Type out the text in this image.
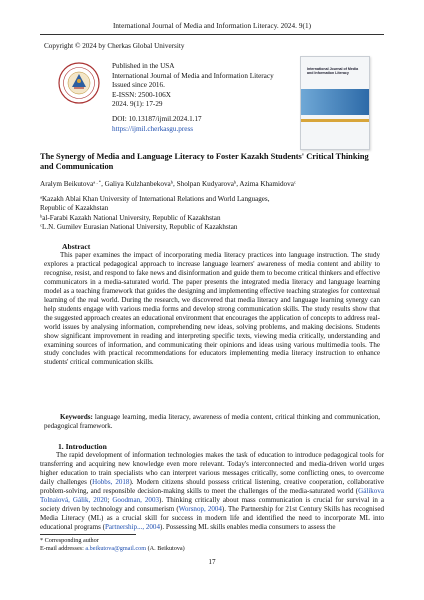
International Journal of Media and Information Literacy. 2024. 9(1)
Copyright © 2024 by Cherkas Global University
Published in the USA
International Journal of Media and Information Literacy
Issued since 2016.
E-ISSN: 2500-106X
2024. 9(1): 17-29
DOI: 10.13187/ijmil.2024.1.17
https://ijmil.cherkasgu.press
International Journal of Media and Information Literacy
The Synergy of Media and Language Literacy to Foster Kazakh Students' Critical Thinking and Communication
Aralym Beikutova$^{a , *}$, Galiya Kulzhanbekova$^b$, Sholpan Kudyarova$^b$, Azima Khamidova$^c$
$^a$Kazakh Ablai Khan University of International Relations and World Languages,
Republic of Kazakhstan
$^b$al-Farabi Kazakh National University, Republic of Kazakhstan
$^c$L.N. Gumilev Eurasian National University, Republic of Kazakhstan
Abstract
This paper examines the impact of incorporating media literacy practices into language instruction. The study explores a practical pedagogical approach to increase language learners' awareness of media content and ability to recognise, resist, and respond to fake news and disinformation and guide them to become critical thinkers and effective communicators in a media-saturated world. The paper presents the integrated media literacy and language learning model as a teaching framework that guides the designing and implementing effective teaching strategies for contextual learning of the real world. During the research, we discovered that media literacy and language learning synergy can help students engage with various media forms and develop strong communication skills. The study results show that the suggested approach creates an educational environment that encourages the application of concepts to address real-world issues by analysing information, comprehending new ideas, solving problems, and making decisions. Students show significant improvement in reading and interpreting specific texts, viewing media critically, understanding and examining sources of information, and communicating their opinions and ideas using various multimedia tools. The study concludes with practical recommendations for educators implementing media literacy instruction to enhance students' critical communication skills.
Keywords: language learning, media literacy, awareness of media content, critical thinking and communication, pedagogical framework.
1. Introduction
The rapid development of information technologies makes the task of education to introduce pedagogical tools for transferring and acquiring new knowledge even more relevant. Today's interconnected and media-driven world urges higher education to train specialists who can interpret various messages critically, some conflicting ones, to overcome daily challenges (Hobbs, 2018). Modern citizens should possess critical listening, creative cooperation, collaborative problem-solving, and responsible decision-making skills to meet the challenges of the media-saturated world (Gálikova Tolnaiová, Gálik, 2020; Goodman, 2003). Thinking critically about mass communication is crucial for survival in a society driven by technology and consumerism (Worsnop, 2004). The Partnership for 21st Century Skills has recognised Media Literacy (ML) as a crucial skill for success in modern life and identified the need to incorporate ML into educational programs (Partnership..., 2004). Possessing ML skills enables media consumers to assess the
* Corresponding author
E-mail addresses: a.beikutova@gmail.com (A. Beikutova)
17
